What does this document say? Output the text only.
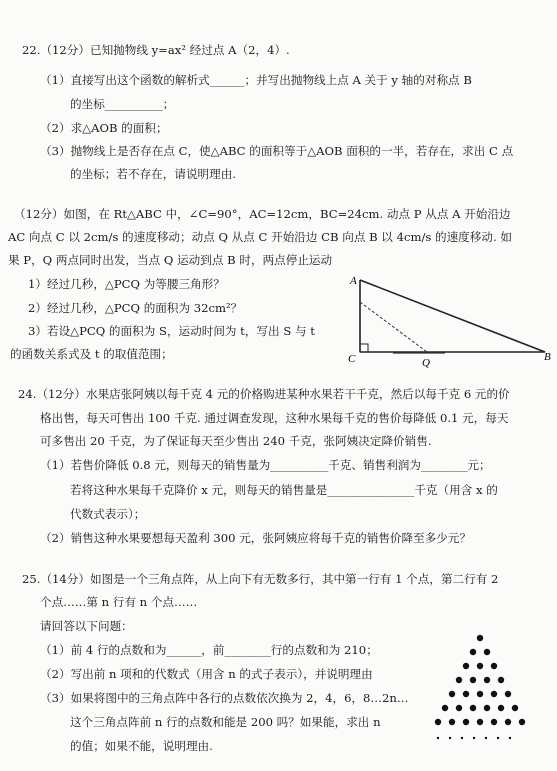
22.（12分）已知抛物线 y=ax² 经过点 A（2，4）.
（1）直接写出这个函数的解析式______；并写出抛物线上点 A 关于 y 轴的对称点 B
的坐标__________；
（2）求△AOB 的面积；
（3）抛物线上是否存在点 C，使△ABC 的面积等于△AOB 面积的一半，若存在，求出 C 点
的坐标；若不存在，请说明理由.
（12分）如图，在 Rt△ABC 中，∠C=90°，AC=12cm，BC=24cm. 动点 P 从点 A 开始沿边
AC 向点 C 以 2cm/s 的速度移动；动点 Q 从点 C 开始沿边 CB 向点 B 以 4cm/s 的速度移动. 如
果 P，Q 两点同时出发，当点 Q 运动到点 B 时，两点停止运动
1）经过几秒，△PCQ 为等腰三角形？
2）经过几秒，△PCQ 的面积为 32cm²？
3）若设△PCQ 的面积为 S，运动时间为 t，写出 S 与 t
的函数关系式及 t 的取值范围；
A
C	Q	B
24.（12分）水果店张阿姨以每千克 4 元的价格购进某种水果若干千克，然后以每千克 6 元的价
格出售，每天可售出 100 千克. 通过调查发现，这种水果每千克的售价每降低 0.1 元，每天
可多售出 20 千克，为了保证每天至少售出 240 千克，张阿姨决定降价销售.
（1）若售价降低 0.8 元，则每天的销售量为__________千克、销售利润为________元；
若将这种水果每千克降价 x 元，则每天的销售量是_______________千克（用含 x 的
代数式表示）；
（2）销售这种水果要想每天盈利 300 元，张阿姨应将每千克的销售价降至多少元？
25.（14分）如图是一个三角点阵，从上向下有无数多行，其中第一行有 1 个点，第二行有 2
个点……第 n 行有 n 个点……
请回答以下问题：
（1）前 4 行的点数和为______，前________行的点数和为 210；
（2）写出前 n 项和的代数式（用含 n 的式子表示），并说明理由
（3）如果将图中的三角点阵中各行的点数依次换为 2，4，6，8…2n…
这个三角点阵前 n 行的点数和能是 200 吗？如果能，求出 n
的值；如果不能，说明理由.
